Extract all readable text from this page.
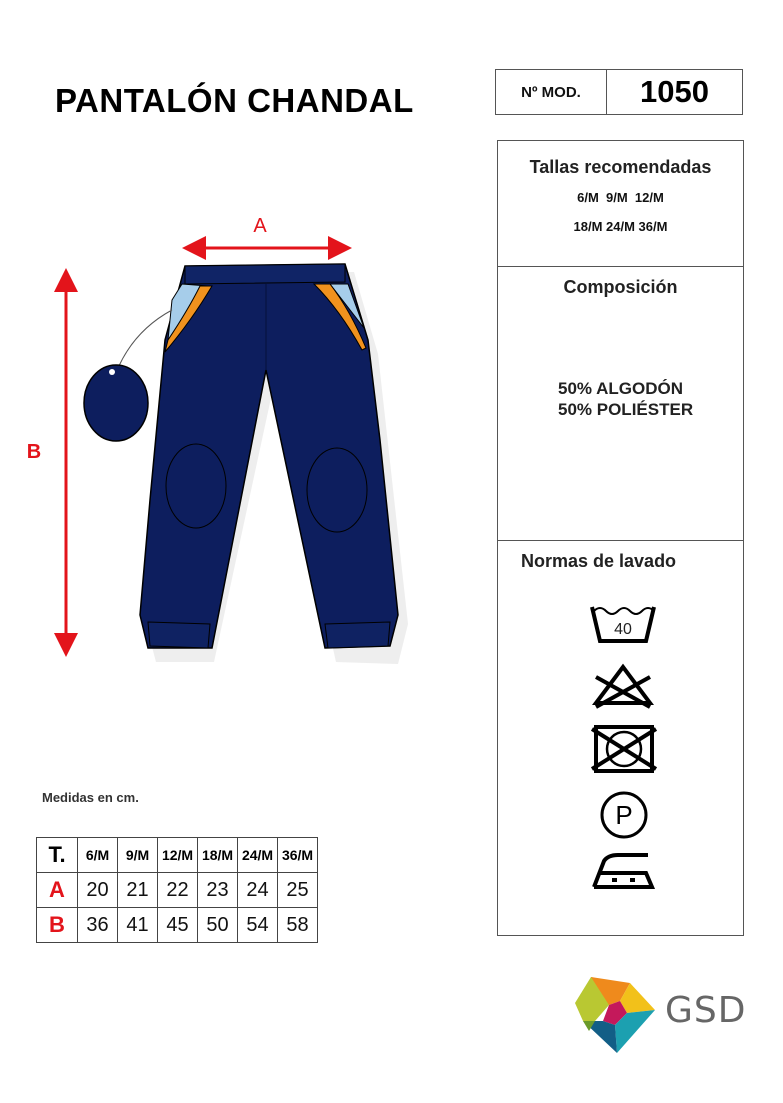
PANTALÓN CHANDAL	Nº MOD.	1050
A
B
Tallas recomendadas
6/M  9/M  12/M
18/M 24/M 36/M
Composición
50% ALGODÓN
50% POLIÉSTER
Normas de lavado
40
P
Medidas en cm.
T.	6/M	9/M	12/M	18/M	24/M	36/M
A	20	21	22	23	24	25
B	36	41	45	50	54	58
GSD
